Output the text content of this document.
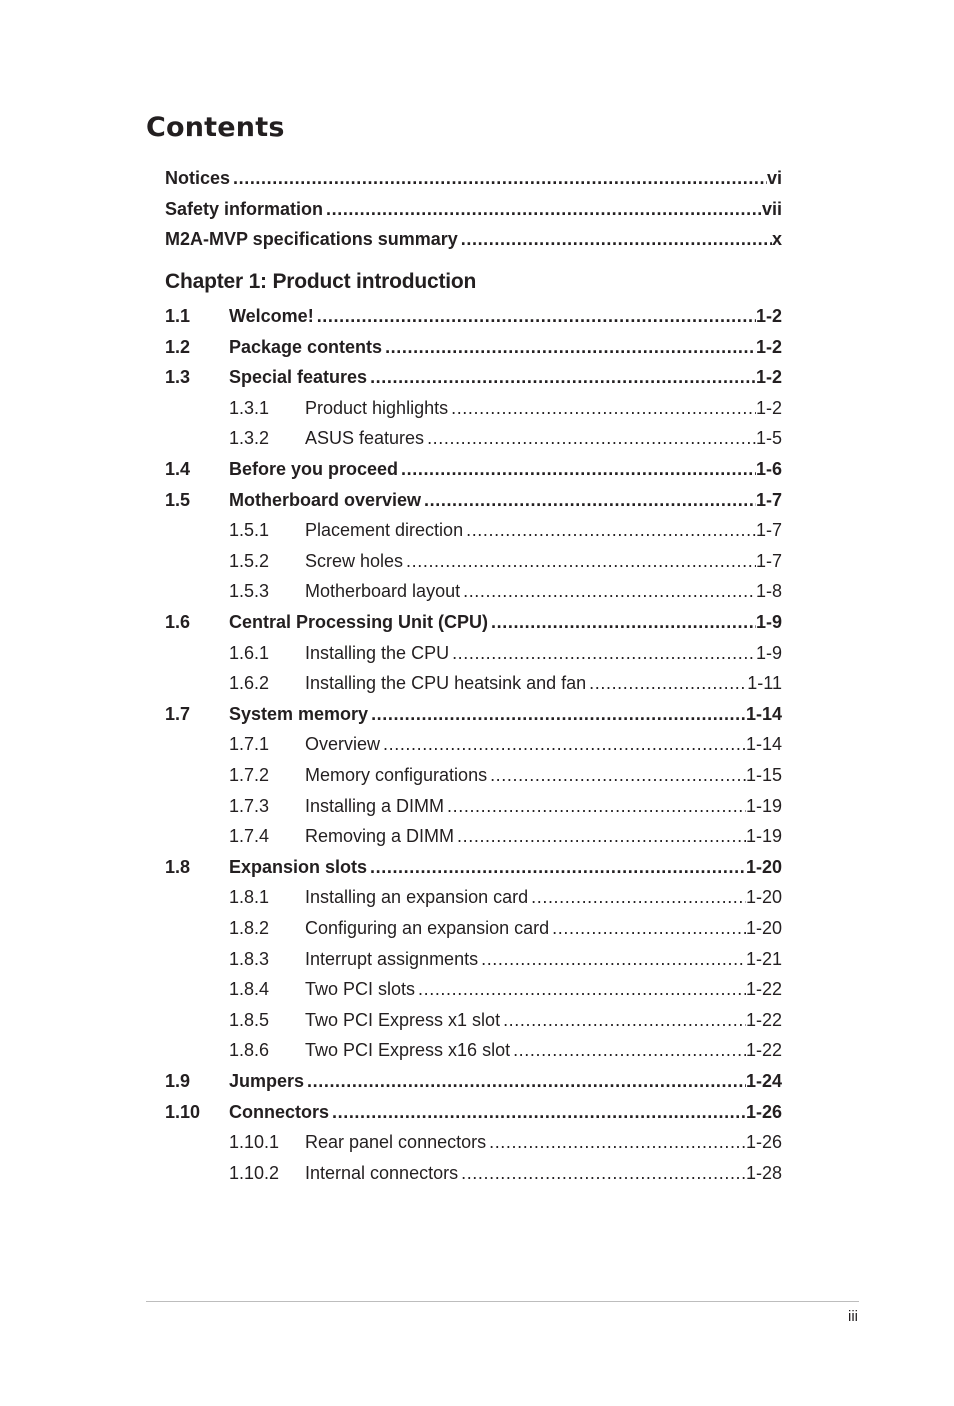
Contents
Notices .....	vi
Safety information .....	vii
M2A-MVP specifications summary .....	x
Chapter 1: Product introduction
1.1	Welcome! .....	1-2
1.2	Package contents .....	1-2
1.3	Special features .....	1-2
1.3.1	Product highlights .....	1-2
1.3.2	ASUS features .....	1-5
1.4	Before you proceed .....	1-6
1.5	Motherboard overview .....	1-7
1.5.1	Placement direction .....	1-7
1.5.2	Screw holes .....	1-7
1.5.3	Motherboard layout .....	1-8
1.6	Central Processing Unit (CPU) .....	1-9
1.6.1	Installing the CPU .....	1-9
1.6.2	Installing the CPU heatsink and fan .....	1-11
1.7	System memory .....	1-14
1.7.1	Overview .....	1-14
1.7.2	Memory configurations .....	1-15
1.7.3	Installing a DIMM .....	1-19
1.7.4	Removing a DIMM .....	1-19
1.8	Expansion slots .....	1-20
1.8.1	Installing an expansion card .....	1-20
1.8.2	Configuring an expansion card .....	1-20
1.8.3	Interrupt assignments .....	1-21
1.8.4	Two PCI slots .....	1-22
1.8.5	Two PCI Express x1 slot .....	1-22
1.8.6	Two PCI Express x16 slot .....	1-22
1.9	Jumpers .....	1-24
1.10	Connectors .....	1-26
1.10.1	Rear panel connectors .....	1-26
1.10.2	Internal connectors .....	1-28
iii
